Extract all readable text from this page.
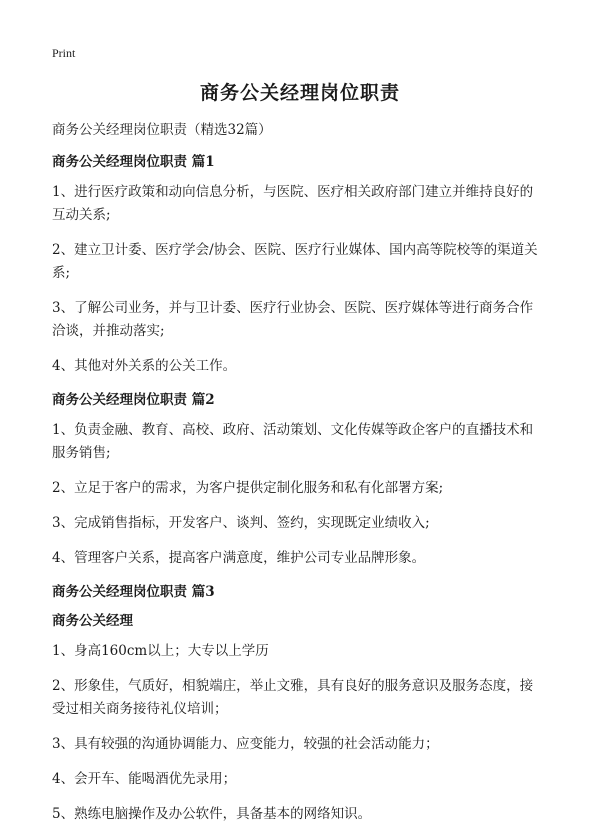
Print
商务公关经理岗位职责

商务公关经理岗位职责（精选32篇）

商务公关经理岗位职责 篇1

1、进行医疗政策和动向信息分析，与医院、医疗相关政府部门建立并维持良好的互动关系;

2、建立卫计委、医疗学会/协会、医院、医疗行业媒体、国内高等院校等的渠道关系;

3、了解公司业务，并与卫计委、医疗行业协会、医院、医疗媒体等进行商务合作洽谈，并推动落实;

4、其他对外关系的公关工作。

商务公关经理岗位职责 篇2

1、负责金融、教育、高校、政府、活动策划、文化传媒等政企客户的直播技术和服务销售;

2、立足于客户的需求，为客户提供定制化服务和私有化部署方案;

3、完成销售指标，开发客户、谈判、签约，实现既定业绩收入;

4、管理客户关系，提高客户满意度，维护公司专业品牌形象。

商务公关经理岗位职责 篇3

商务公关经理

1、身高160cm以上；大专以上学历

2、形象佳，气质好，相貌端庄，举止文雅，具有良好的服务意识及服务态度，接受过相关商务接待礼仪培训；

3、具有较强的沟通协调能力、应变能力，较强的社会活动能力；

4、会开车、能喝酒优先录用；

5、熟练电脑操作及办公软件，具备基本的网络知识。
